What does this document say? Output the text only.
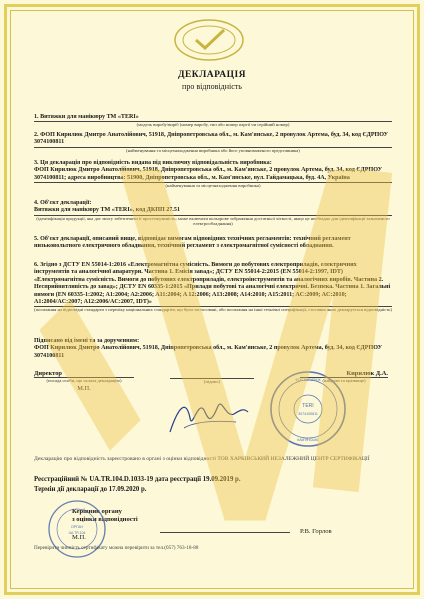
ДЕКЛАРАЦІЯ
про відповідність
1. Витяжки для манікюру ТМ «TERI»
(модель виробу/виріб (номер виробу, тип або номер партії чи серійний номер)
2. ФОП Кирилюк Дмитро Анатолійович, 51918, Дніпропетровська обл., м. Кам'янське, 2 провулок Артема, буд. 34, код ЄДРПОУ 3074100811
(найменування та місцезнаходження виробника або його уповноваженого представника)
3. Ця декларація про відповідність видана під виключну відповідальність виробника:
ФОП Кирилюк Дмитро Анатолійович, 51918, Дніпропетровська обл., м. Кам'янське, 2 провулок Артема, буд. 34, код ЄДРПОУ 3074100811; адреса виробництва: 51900, Дніпропетровська обл., м. Кам'янське, вул. Гайдамацька, буд. 4А, Україна
(найменування та місцезнаходження виробника)
4. Об'єкт декларації:
Витяжки для манікюру ТМ «TERI», код ДКПП 27.51
(ідентифікація продукції, яка дає змогу забезпечити її простежуваність; може включати кольорове зображення достатньої чіткості, якщо це необхідно для ідентифікації зазначеного електрообладнання)
5. Об'єкт декларації, описаний вище, відповідає вимогам відповідних технічних регламентів: технічний регламент низьковольтного електричного обладнання, технічний регламент з електромагнітної сумісності обладнання.
6. Згідно з ДСТУ EN 55014-1:2016 «Електромагнітна сумісність. Вимоги до побутових електроприладів, електричних інструментів та аналогічної апаратури. Частина 1. Емісія завад»; ДСТУ EN 55014-2:2015 (EN 55014-2:1997, IDT) «Електромагнітна сумісність. Вимоги до побутових електроприладів, електроінструментів та аналогічних виробів. Частина 2. Несприйнятливість до завад»; ДСТУ EN 60335-1:2015 «Прилади побутові та аналогічні електричні. Безпека. Частина 1. Загальні вимоги (EN 60335-1:2002; A1:2004; A2:2006; A11:2004; A 12:2006; A13:2008; A14:2010; A15:2011; AC:2009; AC:2010; A1:2004/AC:2007; A12:2006/AC:2007, IDT)»
(посилання на відповідні стандарти з переліку національних стандартів, що були застосовані, або посилання на інші технічні специфікації, стосовно яких декларується відповідність)
Підписано від імені та за дорученням:
ФОП Кирилюк Дмитро Анатолійович, 51918, Дніпропетровська обл., м. Кам'янське, 2 провулок Артема, буд. 34, код ЄДРПОУ 3074100811
Директор
(посада особи, що склала декларацію)
М.П.
(підпис)
Кирилюк Д.А.
(ініціали та прізвище)
TERI
3074100811
ФОП КИРИЛЮК
КАМ'ЯНСЬКЕ
Декларацію про відповідність зареєстровано в органі з оцінки відповідності ТОВ ХАРКІВСЬКИЙ НЕЗАЛЕЖНИЙ ЦЕНТР СЕРТИФІКАЦІЇ
Реєстраційний № UA.TR.104.D.1033-19 дата реєстрації 19.09.2019 р.
Термін дії декларації до 17.09.2020 р.
Керівник органу
з оцінки відповідності
М.П.
Р.В. Горлов
ОРГАН
UA.TR.104
Перевірити чинність сертифікату можна перевірити за тел.(057) 763-18-88
